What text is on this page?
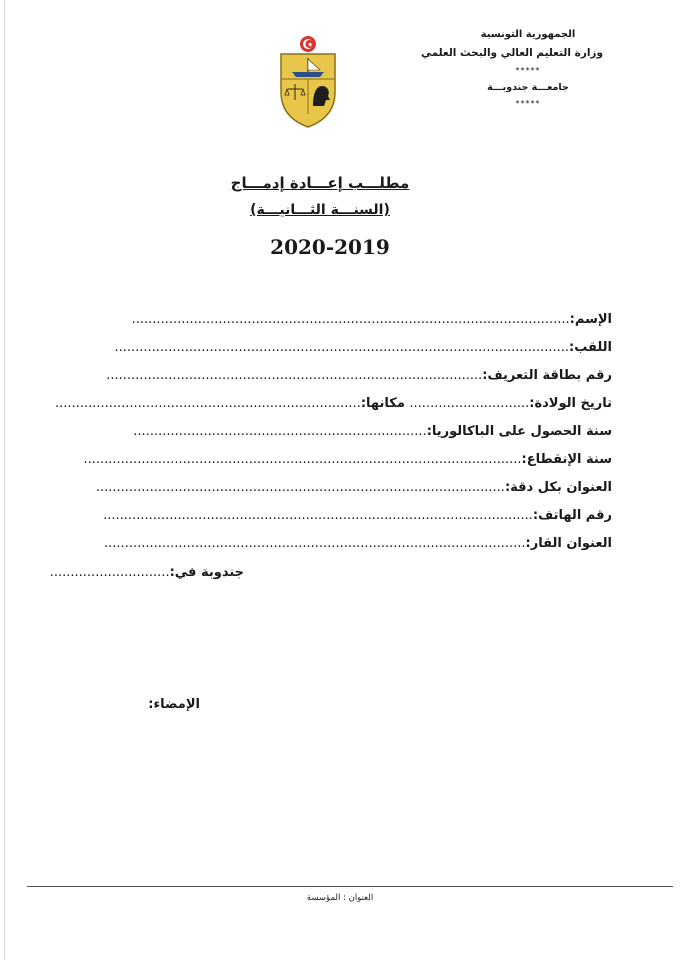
الجمهورية التونسية
وزارة التعليم العالي والبحث العلمي
*****
جامعـــة جندوبـــة
*****
مطلـــب إعـــادة إدمـــاج
(السنـــة الثـــانيـــة)
2020-2019
الإسم:..........................................................................................................
اللقب:..............................................................................................................
رقم بطاقة التعريف:...........................................................................................
تاريخ الولادة:............................. مكانها:..........................................................................
سنة الحصول على الباكالوريا:.......................................................................
سنة الإنقطاع:..........................................................................................................
العنوان بكل دقة:...................................................................................................
رقم الهاتف:........................................................................................................
العنوان القار:......................................................................................................
جندوبة في:.............................
الإمضاء:
العنوان : المؤسسة
